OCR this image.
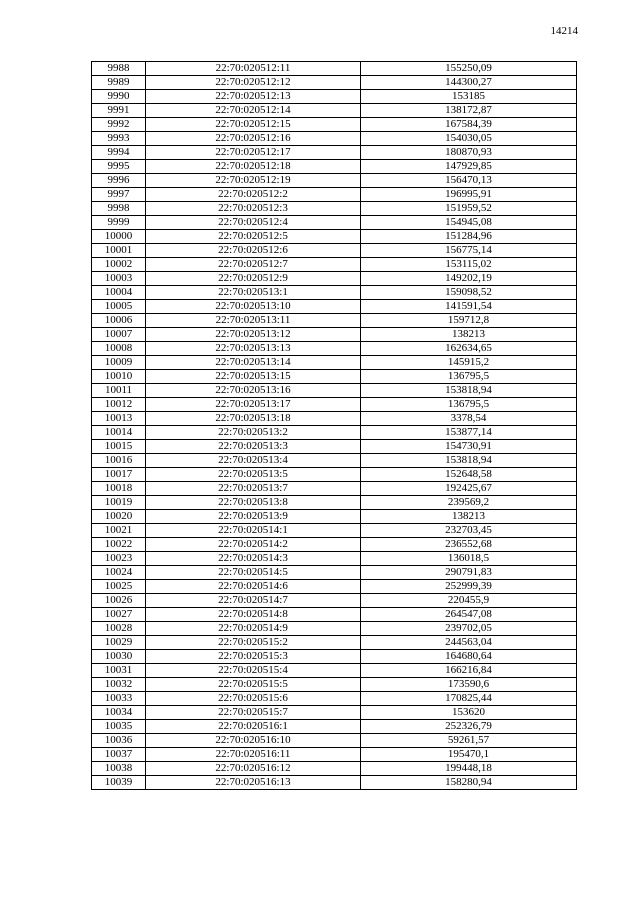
14214
9988	22:70:020512:11	155250,09
9989	22:70:020512:12	144300,27
9990	22:70:020512:13	153185
9991	22:70:020512:14	138172,87
9992	22:70:020512:15	167584,39
9993	22:70:020512:16	154030,05
9994	22:70:020512:17	180870,93
9995	22:70:020512:18	147929,85
9996	22:70:020512:19	156470,13
9997	22:70:020512:2	196995,91
9998	22:70:020512:3	151959,52
9999	22:70:020512:4	154945,08
10000	22:70:020512:5	151284,96
10001	22:70:020512:6	156775,14
10002	22:70:020512:7	153115,02
10003	22:70:020512:9	149202,19
10004	22:70:020513:1	159098,52
10005	22:70:020513:10	141591,54
10006	22:70:020513:11	159712,8
10007	22:70:020513:12	138213
10008	22:70:020513:13	162634,65
10009	22:70:020513:14	145915,2
10010	22:70:020513:15	136795,5
10011	22:70:020513:16	153818,94
10012	22:70:020513:17	136795,5
10013	22:70:020513:18	3378,54
10014	22:70:020513:2	153877,14
10015	22:70:020513:3	154730,91
10016	22:70:020513:4	153818,94
10017	22:70:020513:5	152648,58
10018	22:70:020513:7	192425,67
10019	22:70:020513:8	239569,2
10020	22:70:020513:9	138213
10021	22:70:020514:1	232703,45
10022	22:70:020514:2	236552,68
10023	22:70:020514:3	136018,5
10024	22:70:020514:5	290791,83
10025	22:70:020514:6	252999,39
10026	22:70:020514:7	220455,9
10027	22:70:020514:8	264547,08
10028	22:70:020514:9	239702,05
10029	22:70:020515:2	244563,04
10030	22:70:020515:3	164680,64
10031	22:70:020515:4	166216,84
10032	22:70:020515:5	173590,6
10033	22:70:020515:6	170825,44
10034	22:70:020515:7	153620
10035	22:70:020516:1	252326,79
10036	22:70:020516:10	59261,57
10037	22:70:020516:11	195470,1
10038	22:70:020516:12	199448,18
10039	22:70:020516:13	158280,94
